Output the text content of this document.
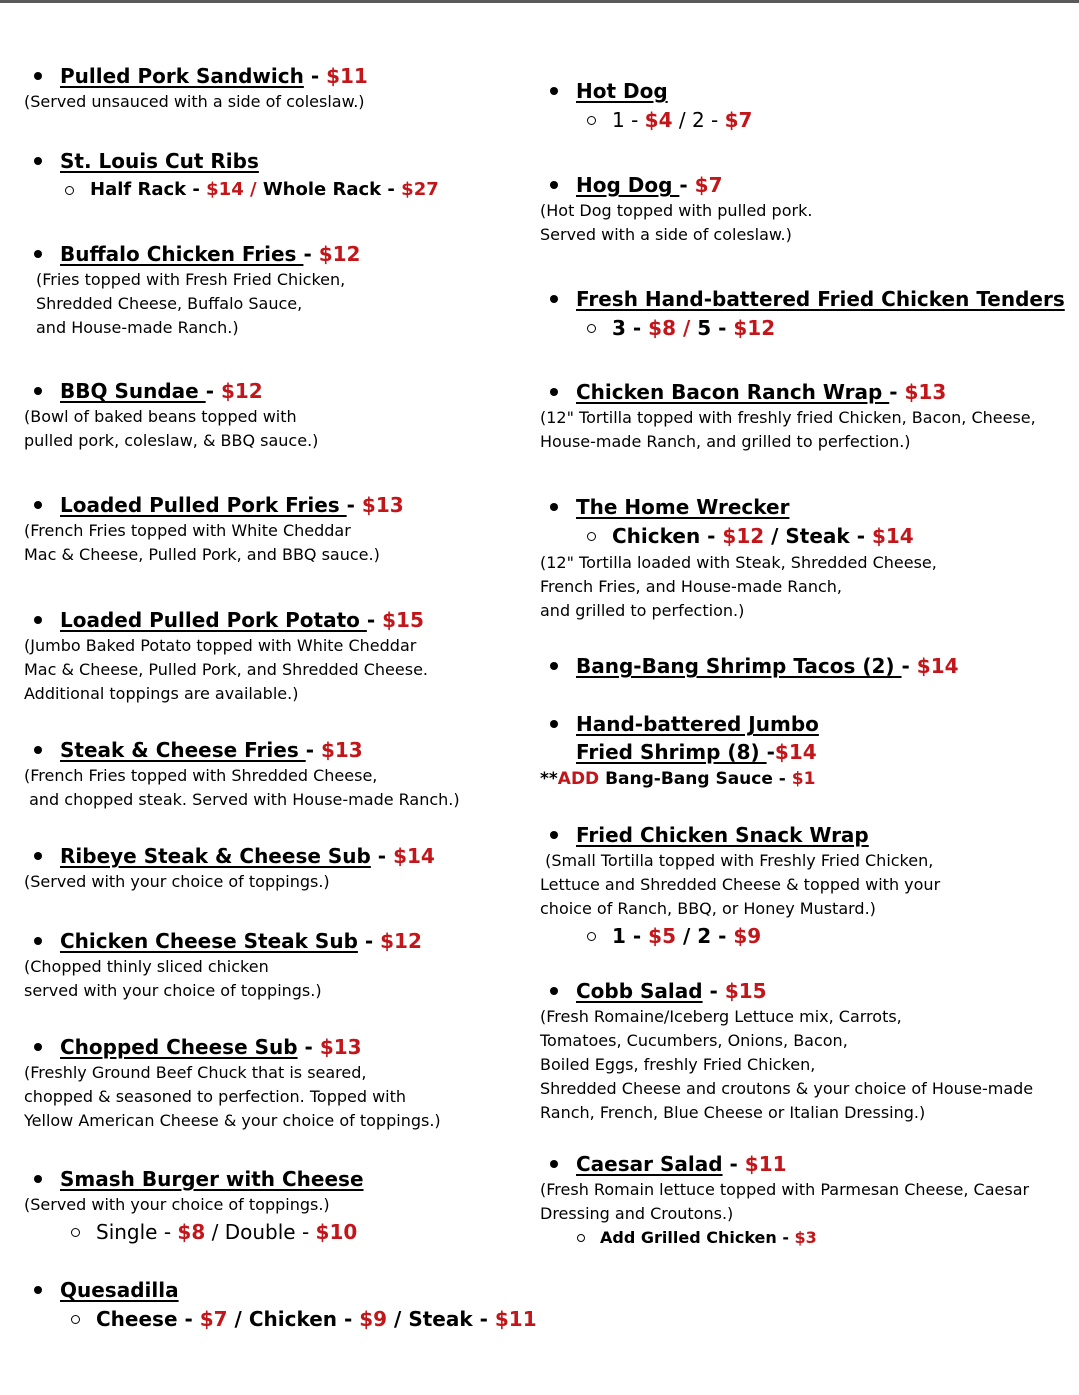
Pulled Pork Sandwich - $11
(Served unsauced with a side of coleslaw.)
St. Louis Cut Ribs
Half Rack - $14 / Whole Rack - $27
Buffalo Chicken Fries - $12
(Fries topped with Fresh Fried Chicken,
Shredded Cheese, Buffalo Sauce,
and House-made Ranch.)
BBQ Sundae - $12
(Bowl of baked beans topped with
pulled pork, coleslaw, & BBQ sauce.)
Loaded Pulled Pork Fries - $13
(French Fries topped with White Cheddar
Mac & Cheese, Pulled Pork, and BBQ sauce.)
Loaded Pulled Pork Potato - $15
(Jumbo Baked Potato topped with White Cheddar
Mac & Cheese, Pulled Pork, and Shredded Cheese.
Additional toppings are available.)
Steak & Cheese Fries - $13
(French Fries topped with Shredded Cheese,
and chopped steak. Served with House-made Ranch.)
Ribeye Steak & Cheese Sub - $14
(Served with your choice of toppings.)
Chicken Cheese Steak Sub - $12
(Chopped thinly sliced chicken
served with your choice of toppings.)
Chopped Cheese Sub - $13
(Freshly Ground Beef Chuck that is seared,
chopped & seasoned to perfection. Topped with
Yellow American Cheese & your choice of toppings.)
Smash Burger with Cheese
(Served with your choice of toppings.)
Single - $8 / Double - $10
Quesadilla
Cheese - $7 / Chicken - $9 / Steak - $11
Hot Dog
1 - $4 / 2 - $7
Hog Dog - $7
(Hot Dog topped with pulled pork.
Served with a side of coleslaw.)
Fresh Hand-battered Fried Chicken Tenders
3 - $8 / 5 - $12
Chicken Bacon Ranch Wrap - $13
(12" Tortilla topped with freshly fried Chicken, Bacon, Cheese,
House-made Ranch, and grilled to perfection.)
The Home Wrecker
Chicken - $12 / Steak - $14
(12" Tortilla loaded with Steak, Shredded Cheese,
French Fries, and House-made Ranch,
and grilled to perfection.)
Bang-Bang Shrimp Tacos (2) - $14
Hand-battered Jumbo
Fried Shrimp (8) -$14
**ADD Bang-Bang Sauce - $1
Fried Chicken Snack Wrap
(Small Tortilla topped with Freshly Fried Chicken,
Lettuce and Shredded Cheese & topped with your
choice of Ranch, BBQ, or Honey Mustard.)
1 - $5 / 2 - $9
Cobb Salad - $15
(Fresh Romaine/Iceberg Lettuce mix, Carrots,
Tomatoes, Cucumbers, Onions, Bacon,
Boiled Eggs, freshly Fried Chicken,
Shredded Cheese and croutons & your choice of House-made
Ranch, French, Blue Cheese or Italian Dressing.)
Caesar Salad - $11
(Fresh Romain lettuce topped with Parmesan Cheese, Caesar
Dressing and Croutons.)
Add Grilled Chicken - $3
